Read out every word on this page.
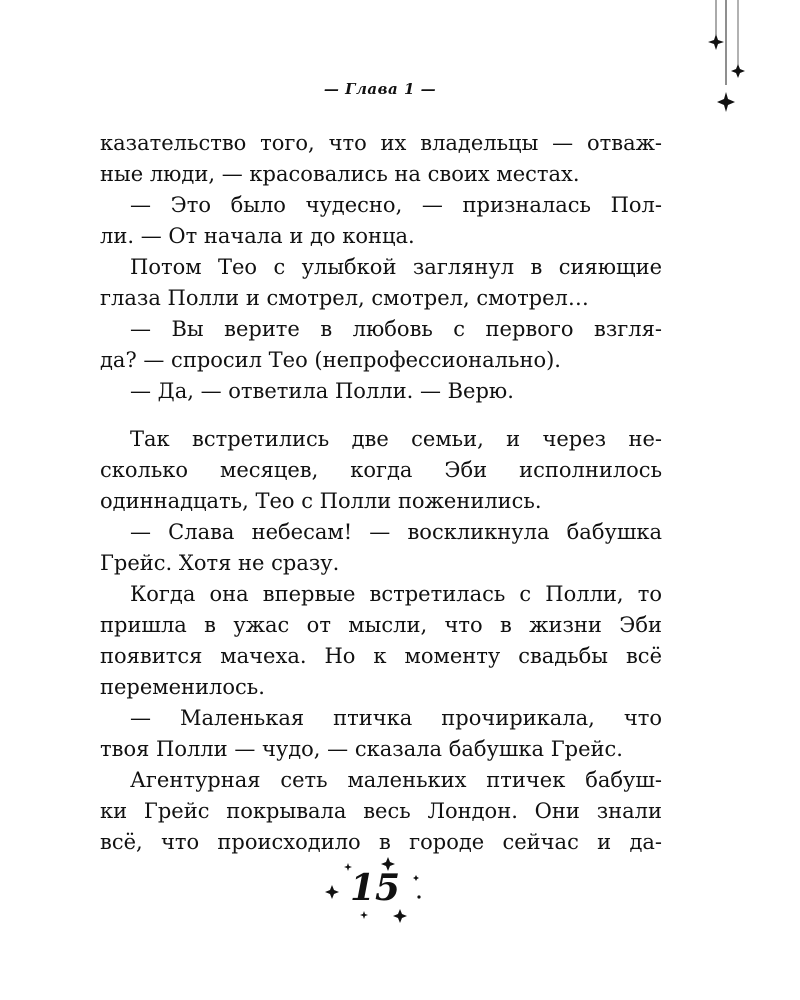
— Глава 1 —
казательство того, что их владельцы — отваж-
ные люди, — красовались на своих местах.
— Это было чудесно, — призналась Пол-
ли. — От начала и до конца.
Потом Тео с улыбкой заглянул в сияющие
глаза Полли и смотрел, смотрел, смотрел…
— Вы верите в любовь с первого взгля-
да? — спросил Тео (непрофессионально).
— Да, — ответила Полли. — Верю.
Так встретились две семьи, и через не-
сколько месяцев, когда Эби исполнилось
одиннадцать, Тео с Полли поженились.
— Слава небесам! — воскликнула бабушка
Грейс. Хотя не сразу.
Когда она впервые встретилась с Полли, то
пришла в ужас от мысли, что в жизни Эби
появится мачеха. Но к моменту свадьбы всё
переменилось.
— Маленькая птичка прочирикала, что
твоя Полли — чудо, — сказала бабушка Грейс.
Агентурная сеть маленьких птичек бабуш-
ки Грейс покрывала весь Лондон. Они знали
всё, что происходило в городе сейчас и да-
15
